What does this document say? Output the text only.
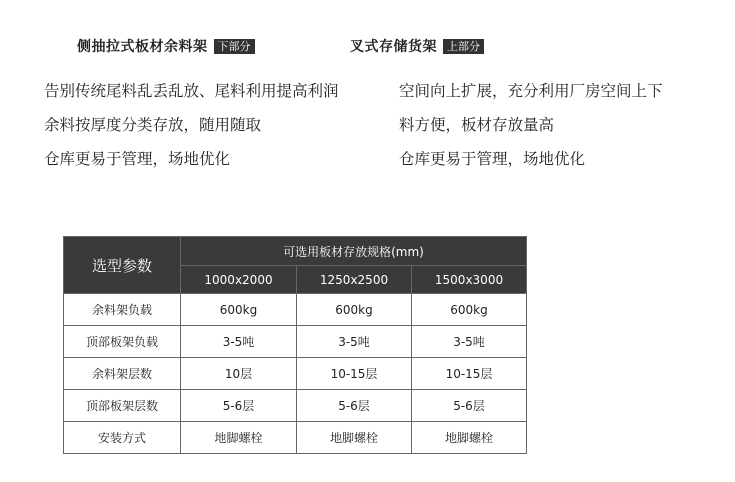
侧抽拉式板材余料架 下部分	叉式存储货架 上部分
告别传统尾料乱丢乱放、尾料利用提高利润
余料按厚度分类存放，随用随取
仓库更易于管理，场地优化
空间向上扩展，充分利用厂房空间上下
料方便，板材存放量高
仓库更易于管理，场地优化
选型参数	可选用板材存放规格(mm)		
	1000x2000	1250x2500	1500x3000
余料架负载	600kg	600kg	600kg
顶部板架负载	3-5吨	3-5吨	3-5吨
余料架层数	10层	10-15层	10-15层
顶部板架层数	5-6层	5-6层	5-6层
安装方式	地脚螺栓	地脚螺栓	地脚螺栓
